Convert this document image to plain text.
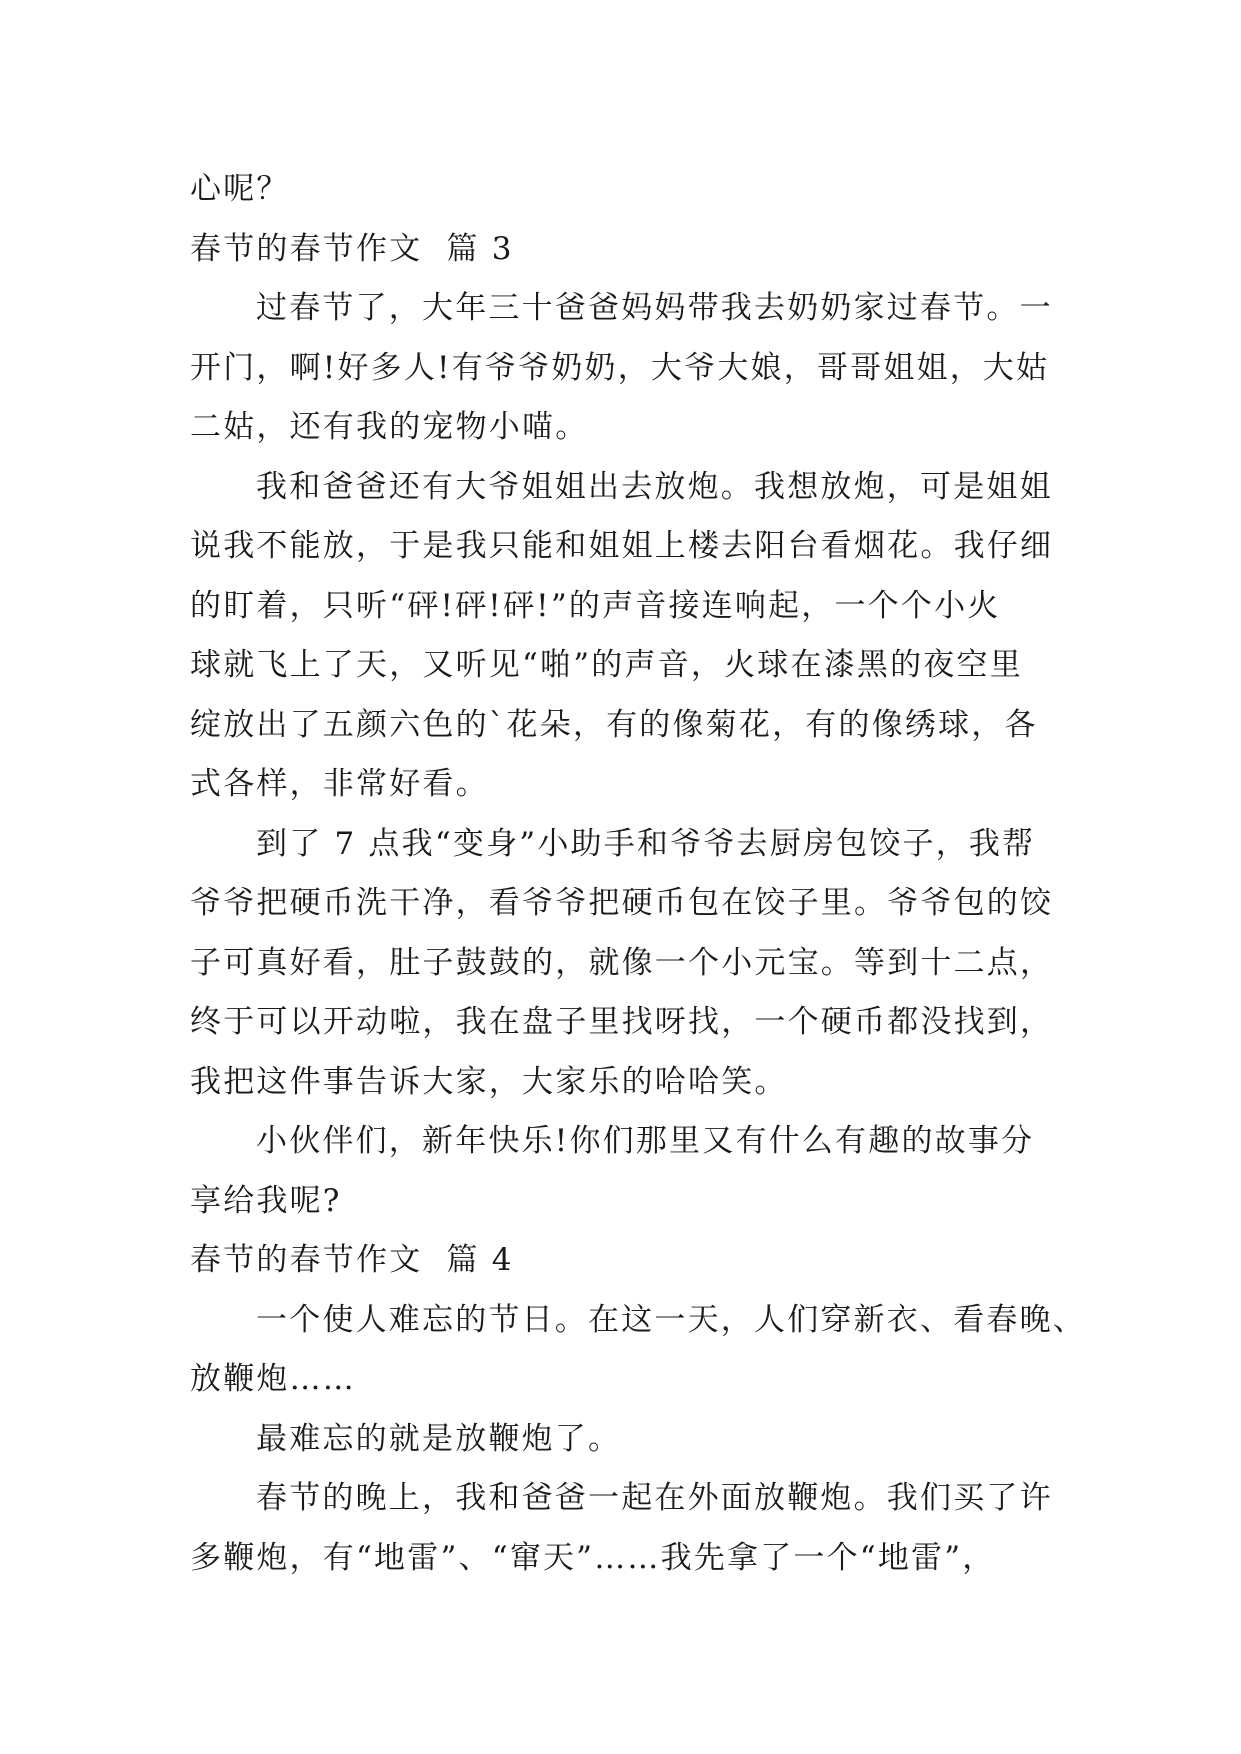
心呢？
春节的春节作文  篇 3
过春节了，大年三十爸爸妈妈带我去奶奶家过春节。一
开门，啊!好多人!有爷爷奶奶，大爷大娘，哥哥姐姐，大姑
二姑，还有我的宠物小喵。
我和爸爸还有大爷姐姐出去放炮。我想放炮，可是姐姐
说我不能放，于是我只能和姐姐上楼去阳台看烟花。我仔细
的盯着，只听“砰!砰!砰!”的声音接连响起，一个个小火
球就飞上了天，又听见“啪”的声音，火球在漆黑的夜空里
绽放出了五颜六色的`花朵，有的像菊花，有的像绣球，各
式各样，非常好看。
到了 7 点我“变身”小助手和爷爷去厨房包饺子，我帮
爷爷把硬币洗干净，看爷爷把硬币包在饺子里。爷爷包的饺
子可真好看，肚子鼓鼓的，就像一个小元宝。等到十二点，
终于可以开动啦，我在盘子里找呀找，一个硬币都没找到，
我把这件事告诉大家，大家乐的哈哈笑。
小伙伴们，新年快乐!你们那里又有什么有趣的故事分
享给我呢?
春节的春节作文  篇 4
一个使人难忘的节日。在这一天，人们穿新衣、看春晚、
放鞭炮……
最难忘的就是放鞭炮了。
春节的晚上，我和爸爸一起在外面放鞭炮。我们买了许
多鞭炮，有“地雷”、“窜天”……我先拿了一个“地雷”，
